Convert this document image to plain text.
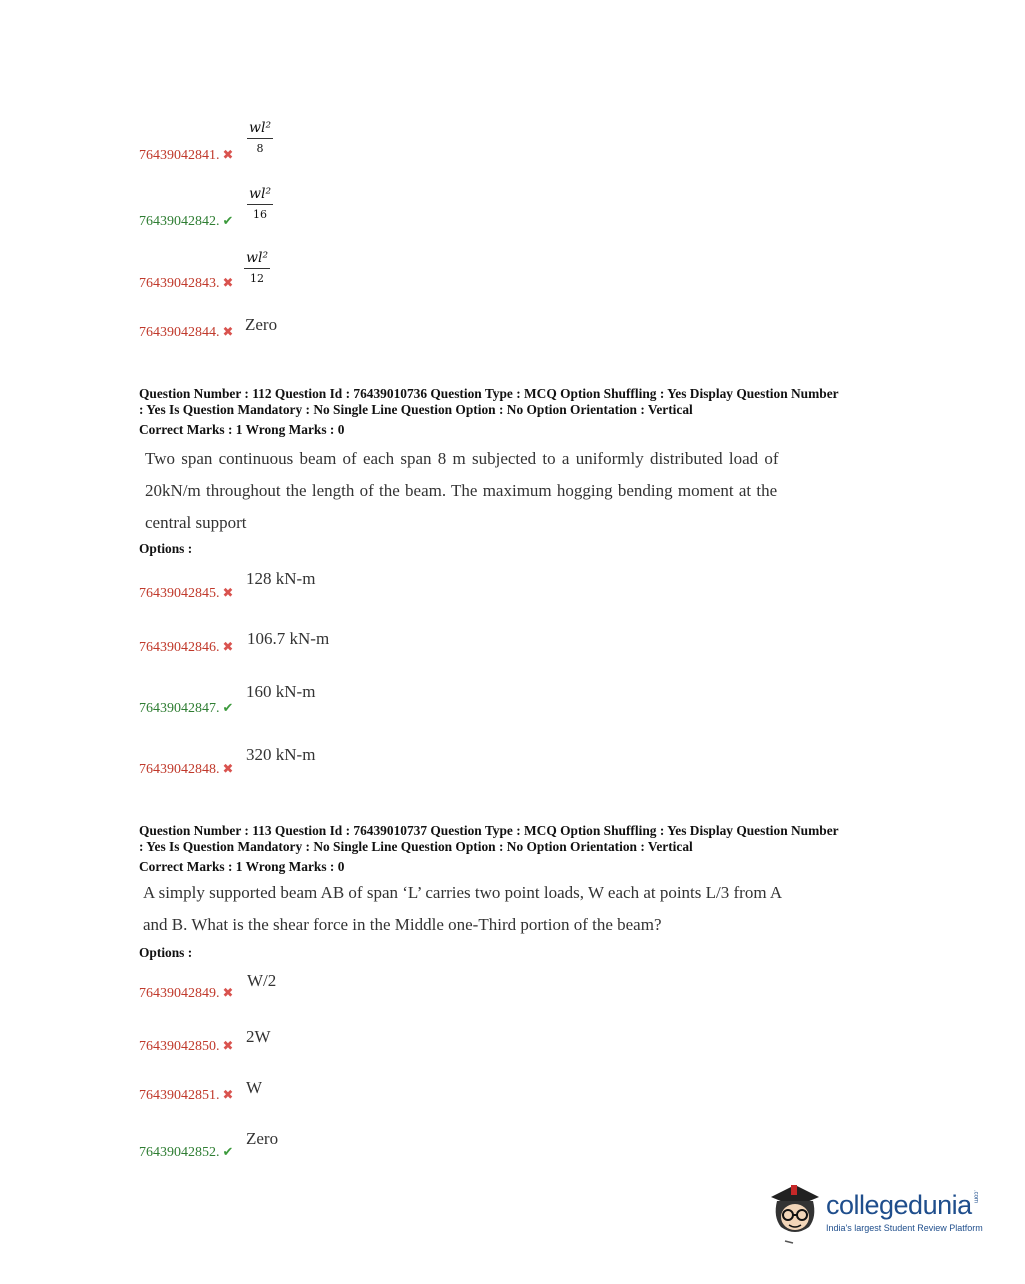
76439042841. ✖
wl²
8
76439042842. ✔
wl²
16
76439042843. ✖
wl²
12
76439042844. ✖ Zero
Question Number : 112 Question Id : 76439010736 Question Type : MCQ Option Shuffling : Yes Display Question Number
: Yes Is Question Mandatory : No Single Line Question Option : No Option Orientation : Vertical
Correct Marks : 1 Wrong Marks : 0
Two span continuous beam of each span 8 m subjected to a uniformly distributed load of
20kN/m throughout the length of the beam. The maximum hogging bending moment at the
central support
Options :
76439042845. ✖
128 kN-m
76439042846. ✖ 106.7 kN-m
76439042847. ✔
160 kN-m
76439042848. ✖
320 kN-m
Question Number : 113 Question Id : 76439010737 Question Type : MCQ Option Shuffling : Yes Display Question Number
: Yes Is Question Mandatory : No Single Line Question Option : No Option Orientation : Vertical
Correct Marks : 1 Wrong Marks : 0
A simply supported beam AB of span ‘L’ carries two point loads, W each at points L/3 from A
and B. What is the shear force in the Middle one-Third portion of the beam?
Options :
76439042849. ✖
W/2
76439042850. ✖ 2W
76439042851. ✖ W
76439042852. ✔
Zero
collegedunia .com
India's largest Student Review Platform
